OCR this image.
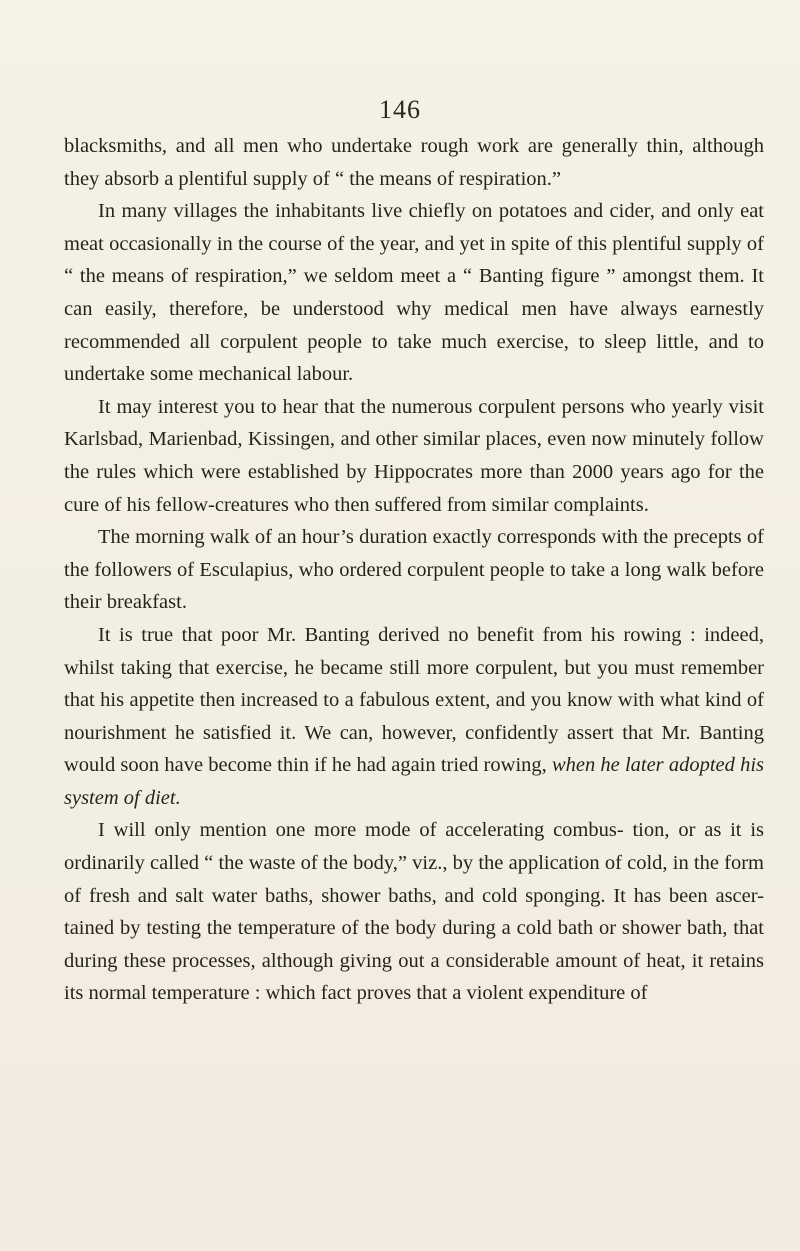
146

blacksmiths, and all men who undertake rough work are generally thin, although they absorb a plentiful supply of “ the means of respiration.”

In many villages the inhabitants live chiefly on potatoes and cider, and only eat meat occasionally in the course of the year, and yet in spite of this plentiful supply of “ the means of respiration,” we seldom meet a “ Banting figure ” amongst them. It can easily, therefore, be understood why medical men have always earnestly recommended all corpulent people to take much exercise, to sleep little, and to undertake some mechanical labour.

It may interest you to hear that the numerous corpulent persons who yearly visit Karlsbad, Marienbad, Kissingen, and other similar places, even now minutely follow the rules which were established by Hippocrates more than 2000 years ago for the cure of his fellow-creatures who then suffered from similar complaints.

The morning walk of an hour’s duration exactly corresponds with the precepts of the followers of Esculapius, who ordered corpulent people to take a long walk before their breakfast.

It is true that poor Mr. Banting derived no benefit from his rowing : indeed, whilst taking that exercise, he became still more corpulent, but you must remember that his appetite then increased to a fabulous extent, and you know with what kind of nourishment he satisfied it. We can, however, confidently assert that Mr. Banting would soon have become thin if he had again tried rowing, when he later adopted his system of diet.

I will only mention one more mode of accelerating combus- tion, or as it is ordinarily called “ the waste of the body,” viz., by the application of cold, in the form of fresh and salt water baths, shower baths, and cold sponging. It has been ascer- tained by testing the temperature of the body during a cold bath or shower bath, that during these processes, although giving out a considerable amount of heat, it retains its normal temperature : which fact proves that a violent expenditure of
